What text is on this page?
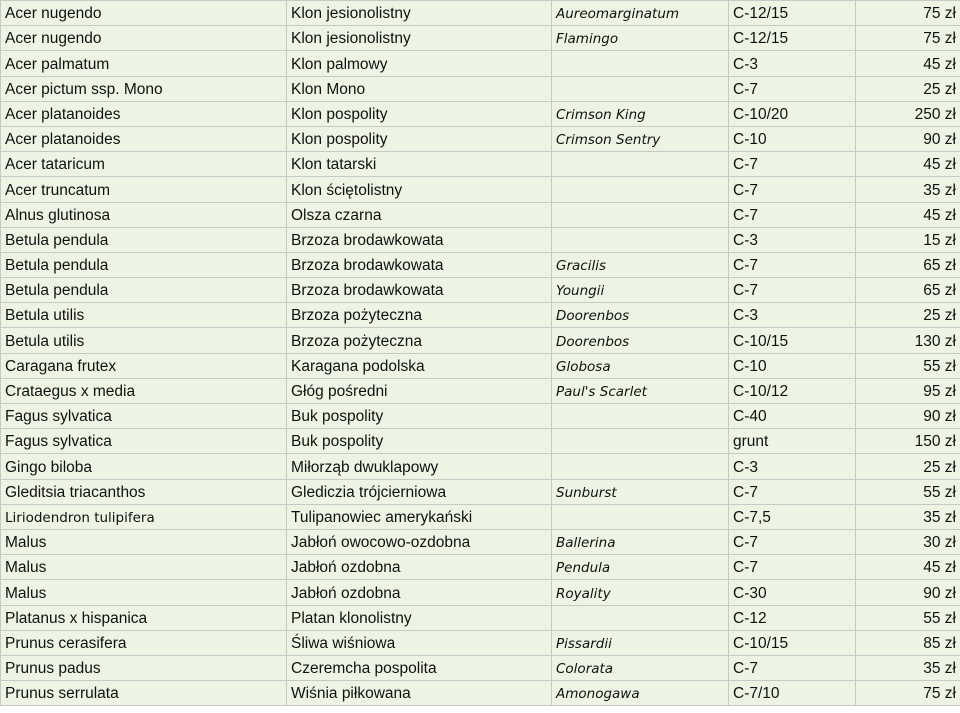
Acer nugendo	Klon jesionolistny	Aureomarginatum	C-12/15	75 zł
Acer nugendo	Klon jesionolistny	Flamingo	C-12/15	75 zł
Acer palmatum	Klon palmowy		C-3	45 zł
Acer pictum ssp. Mono	Klon Mono		C-7	25 zł
Acer platanoides	Klon pospolity	Crimson King	C-10/20	250 zł
Acer platanoides	Klon pospolity	Crimson Sentry	C-10	90 zł
Acer tataricum	Klon tatarski		C-7	45 zł
Acer truncatum	Klon ściętolistny		C-7	35 zł
Alnus glutinosa	Olsza czarna		C-7	45 zł
Betula pendula	Brzoza brodawkowata		C-3	15 zł
Betula pendula	Brzoza brodawkowata	Gracilis	C-7	65 zł
Betula pendula	Brzoza brodawkowata	Youngii	C-7	65 zł
Betula utilis	Brzoza pożyteczna	Doorenbos	C-3	25 zł
Betula utilis	Brzoza pożyteczna	Doorenbos	C-10/15	130 zł
Caragana frutex	Karagana podolska	Globosa	C-10	55 zł
Crataegus x media	Głóg pośredni	Paul's Scarlet	C-10/12	95 zł
Fagus sylvatica	Buk pospolity		C-40	90 zł
Fagus sylvatica	Buk pospolity		grunt	150 zł
Gingo biloba	Miłorząb dwuklapowy		C-3	25 zł
Gleditsia triacanthos	Glediczia trójcierniowa	Sunburst	C-7	55 zł
Liriodendron tulipifera	Tulipanowiec amerykański		C-7,5	35 zł
Malus	Jabłoń owocowo-ozdobna	Ballerina	C-7	30 zł
Malus	Jabłoń ozdobna	Pendula	C-7	45 zł
Malus	Jabłoń ozdobna	Royality	C-30	90 zł
Platanus x hispanica	Platan klonolistny		C-12	55 zł
Prunus cerasifera	Śliwa wiśniowa	Pissardii	C-10/15	85 zł
Prunus padus	Czeremcha pospolita	Colorata	C-7	35 zł
Prunus serrulata	Wiśnia piłkowana	Amonogawa	C-7/10	75 zł
